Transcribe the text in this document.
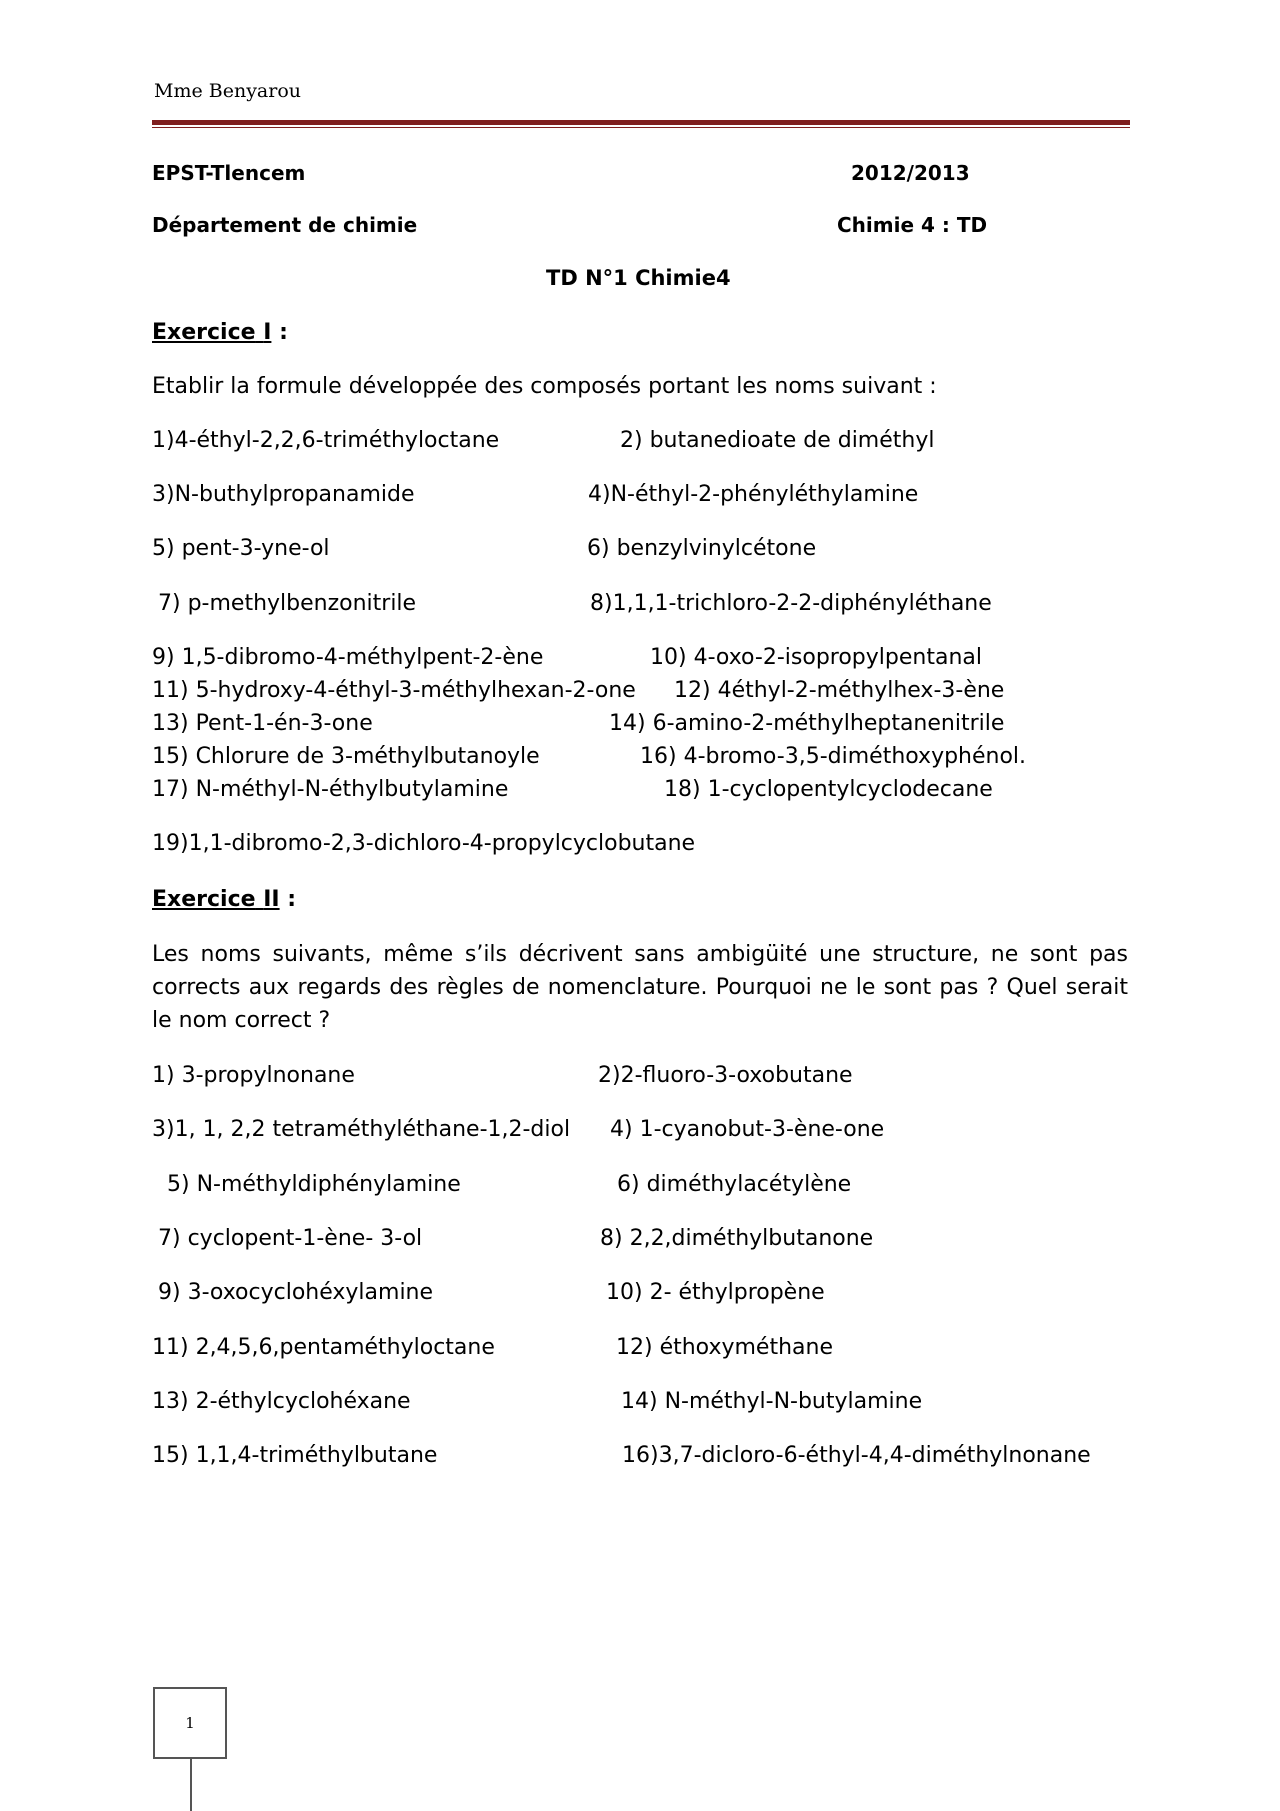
Mme Benyarou
EPST-Tlencem	2012/2013
Département de chimie	Chimie 4 : TD
TD N°1 Chimie4
Exercice I :
Etablir la formule développée des composés portant les noms suivant :
1)4-éthyl-2,2,6-triméthyloctane	2) butanedioate de diméthyl
3)N-buthylpropanamide	4)N-éthyl-2-phényléthylamine
5) pent-3-yne-ol	6) benzylvinylcétone
7) p-methylbenzonitrile	8)1,1,1-trichloro-2-2-diphényléthane
9) 1,5-dibromo-4-méthylpent-2-ène	10) 4-oxo-2-isopropylpentanal
11) 5-hydroxy-4-éthyl-3-méthylhexan-2-one 12) 4éthyl-2-méthylhex-3-ène
13) Pent-1-én-3-one	14) 6-amino-2-méthylheptanenitrile
15) Chlorure de 3-méthylbutanoyle	16) 4-bromo-3,5-diméthoxyphénol.
17) N-méthyl-N-éthylbutylamine	18) 1-cyclopentylcyclodecane
19)1,1-dibromo-2,3-dichloro-4-propylcyclobutane
Exercice II :
Les noms suivants, même s’ils décrivent sans ambigüité une structure, ne sont pas corrects aux regards des règles de nomenclature. Pourquoi ne le sont pas ? Quel serait le nom correct ?
1) 3-propylnonane	2)2-fluoro-3-oxobutane
3)1, 1, 2,2 tetraméthyléthane-1,2-diol 4) 1-cyanobut-3-ène-one
5) N-méthyldiphénylamine	6) diméthylacétylène
7) cyclopent-1-ène- 3-ol	8) 2,2,diméthylbutanone
9) 3-oxocyclohéxylamine	10) 2- éthylpropène
11) 2,4,5,6,pentaméthyloctane	12) éthoxyméthane
13) 2-éthylcyclohéxane	14) N-méthyl-N-butylamine
15) 1,1,4-triméthylbutane	16)3,7-dicloro-6-éthyl-4,4-diméthylnonane
1
